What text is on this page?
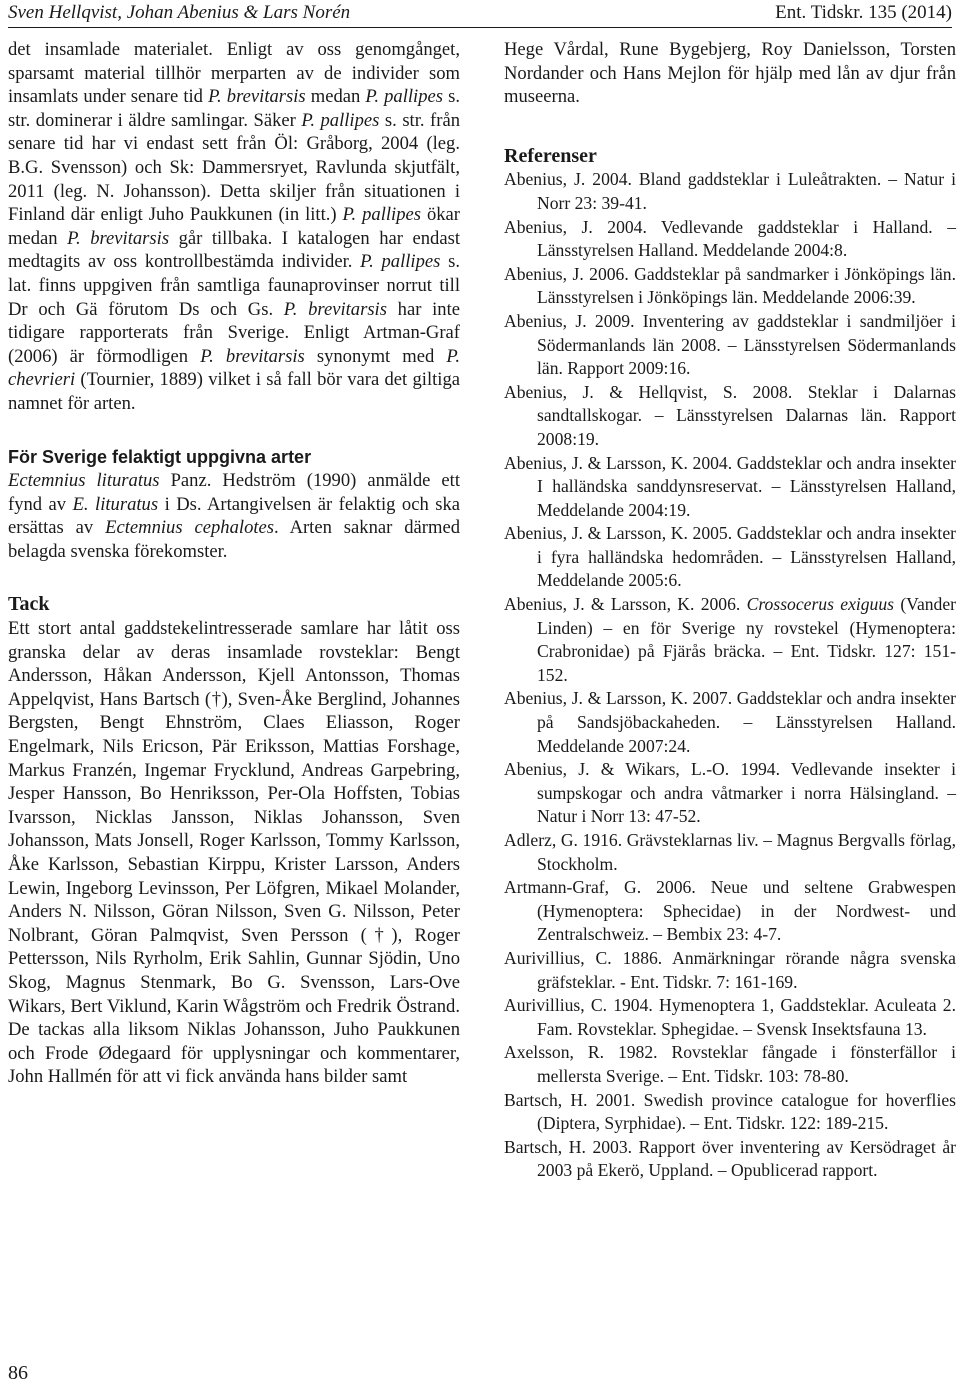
Sven Hellqvist, Johan Abenius & Lars Norén	Ent. Tidskr. 135 (2014)

det insamlade materialet. Enligt av oss genomgånget, sparsamt material tillhör merparten av de individer som insamlats under senare tid P. brevitarsis medan P. pallipes s. str. dominerar i äldre samlingar. Säker P. pallipes s. str. från senare tid har vi endast sett från Öl: Gråborg, 2004 (leg. B.G. Svensson) och Sk: Dammersryet, Ravlunda skjutfält, 2011 (leg. N. Johansson). Detta skiljer från situationen i Finland där enligt Juho Paukkunen (in litt.) P. pallipes ökar medan P. brevitarsis går tillbaka. I katalogen har endast medtagits av oss kontrollbestämda individer. P. pallipes s. lat. finns uppgiven från samtliga faunaprovinser norrut till Dr och Gä förutom Ds och Gs. P. brevitarsis har inte tidigare rapporterats från Sverige. Enligt Artman-Graf (2006) är förmodligen P. brevitarsis synonymt med P. chevrieri (Tournier, 1889) vilket i så fall bör vara det giltiga namnet för arten.

För Sverige felaktigt uppgivna arter

Ectemnius lituratus Panz. Hedström (1990) anmälde ett fynd av E. lituratus i Ds. Artangivelsen är felaktig och ska ersättas av Ectemnius cephalotes. Arten saknar därmed belagda svenska förekomster.

Tack

Ett stort antal gaddstekelintresserade samlare har låtit oss granska delar av deras insamlade rovsteklar: Bengt Andersson, Håkan Andersson, Kjell Antonsson, Thomas Appelqvist, Hans Bartsch (†), Sven-Åke Berglind, Johannes Bergsten, Bengt Ehnström, Claes Eliasson, Roger Engelmark, Nils Ericson, Pär Eriksson, Mattias Forshage, Markus Franzén, Ingemar Frycklund, Andreas Garpebring, Jesper Hansson, Bo Henriksson, Per-Ola Hoffsten, Tobias Ivarsson, Nicklas Jansson, Niklas Johansson, Sven Johansson, Mats Jonsell, Roger Karlsson, Tommy Karlsson, Åke Karlsson, Sebastian Kirppu, Krister Larsson, Anders Lewin, Ingeborg Levinsson, Per Löfgren, Mikael Molander, Anders N. Nilsson, Göran Nilsson, Sven G. Nilsson, Peter Nolbrant, Göran Palmqvist, Sven Persson (†), Roger Pettersson, Nils Ryrholm, Erik Sahlin, Gunnar Sjödin, Uno Skog, Magnus Stenmark, Bo G. Svensson, Lars-Ove Wikars, Bert Viklund, Karin Wågström och Fredrik Östrand. De tackas alla liksom Niklas Johansson, Juho Paukkunen och Frode Ødegaard för upplysningar och kommentarer, John Hallmén för att vi fick använda hans bilder samt

Hege Vårdal, Rune Bygebjerg, Roy Danielsson, Torsten Nordander och Hans Mejlon för hjälp med lån av djur från museerna.

Referenser

Abenius, J. 2004. Bland gaddsteklar i Luleåtrakten. – Natur i Norr 23: 39-41.

Abenius, J. 2004. Vedlevande gaddsteklar i Halland. – Länsstyrelsen Halland. Meddelande 2004:8.

Abenius, J. 2006. Gaddsteklar på sandmarker i Jönköpings län. Länsstyrelsen i Jönköpings län. Meddelande 2006:39.

Abenius, J. 2009. Inventering av gaddsteklar i sandmiljöer i Södermanlands län 2008. – Länsstyrelsen Södermanlands län. Rapport 2009:16.

Abenius, J. & Hellqvist, S. 2008. Steklar i Dalarnas sandtallskogar. – Länsstyrelsen Dalarnas län. Rapport 2008:19.

Abenius, J. & Larsson, K. 2004. Gaddsteklar och andra insekter I halländska sanddynsreservat. – Länsstyrelsen Halland, Meddelande 2004:19.

Abenius, J. & Larsson, K. 2005. Gaddsteklar och andra insekter i fyra halländska hedområden. – Länsstyrelsen Halland, Meddelande 2005:6.

Abenius, J. & Larsson, K. 2006. Crossocerus exiguus (Vander Linden) – en för Sverige ny rovstekel (Hymenoptera: Crabronidae) på Fjärås bräcka. – Ent. Tidskr. 127: 151-152.

Abenius, J. & Larsson, K. 2007. Gaddsteklar och andra insekter på Sandsjöbackaheden. – Länsstyrelsen Halland. Meddelande 2007:24.

Abenius, J. & Wikars, L.-O. 1994. Vedlevande insekter i sumpskogar och andra våtmarker i norra Hälsingland. – Natur i Norr 13: 47-52.

Adlerz, G. 1916. Grävsteklarnas liv. – Magnus Bergvalls förlag, Stockholm.

Artmann-Graf, G. 2006. Neue und seltene Grabwespen (Hymenoptera: Sphecidae) in der Nordwest- und Zentralschweiz. – Bembix 23: 4-7.

Aurivillius, C. 1886. Anmärkningar rörande några svenska gräfsteklar. - Ent. Tidskr. 7: 161-169.

Aurivillius, C. 1904. Hymenoptera 1, Gaddsteklar. Aculeata 2. Fam. Rovsteklar. Sphegidae. – Svensk Insektsfauna 13.

Axelsson, R. 1982. Rovsteklar fångade i fönsterfällor i mellersta Sverige. – Ent. Tidskr. 103: 78-80.

Bartsch, H. 2001. Swedish province catalogue for hoverflies (Diptera, Syrphidae). – Ent. Tidskr. 122: 189-215.

Bartsch, H. 2003. Rapport över inventering av Kersödraget år 2003 på Ekerö, Uppland. – Opublicerad rapport.

86
